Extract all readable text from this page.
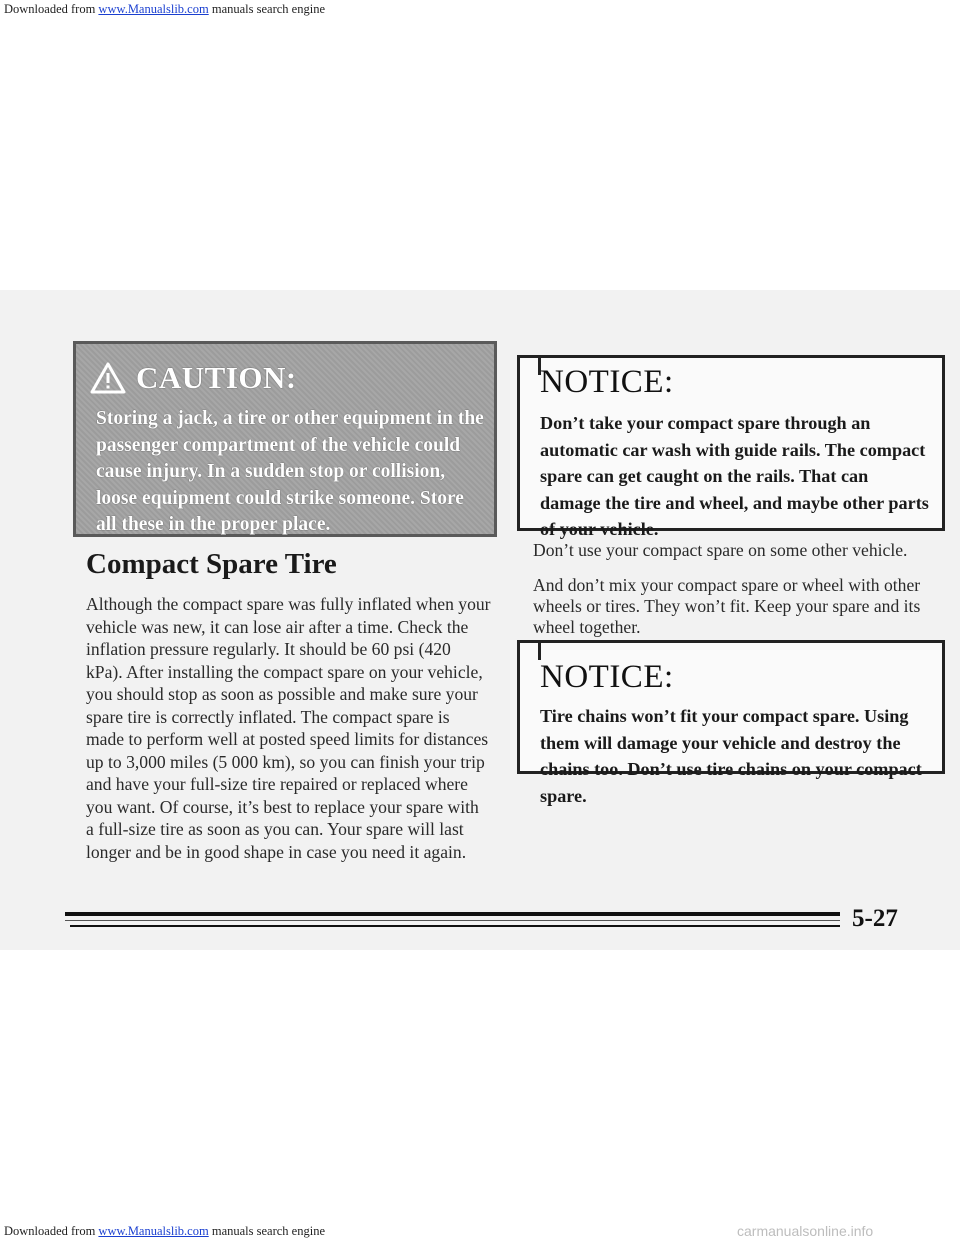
Downloaded from www.Manualslib.com manuals search engine

CAUTION:

Storing a jack, a tire or other equipment in the passenger compartment of the vehicle could cause injury. In a sudden stop or collision, loose equipment could strike someone. Store all these in the proper place.

Compact Spare Tire

Although the compact spare was fully inflated when your vehicle was new, it can lose air after a time. Check the inflation pressure regularly. It should be 60 psi (420 kPa). After installing the compact spare on your vehicle, you should stop as soon as possible and make sure your spare tire is correctly inflated. The compact spare is made to perform well at posted speed limits for distances up to 3,000 miles (5 000 km), so you can finish your trip and have your full-size tire repaired or replaced where you want. Of course, it’s best to replace your spare with a full-size tire as soon as you can. Your spare will last longer and be in good shape in case you need it again.

NOTICE:

Don’t take your compact spare through an automatic car wash with guide rails. The compact spare can get caught on the rails. That can damage the tire and wheel, and maybe other parts of your vehicle.

Don’t use your compact spare on some other vehicle.

And don’t mix your compact spare or wheel with other wheels or tires. They won’t fit. Keep your spare and its wheel together.

NOTICE:

Tire chains won’t fit your compact spare. Using them will damage your vehicle and destroy the chains too. Don’t use tire chains on your compact spare.

5-27

Downloaded from www.Manualslib.com manuals search engine	carmanualsonline.info
